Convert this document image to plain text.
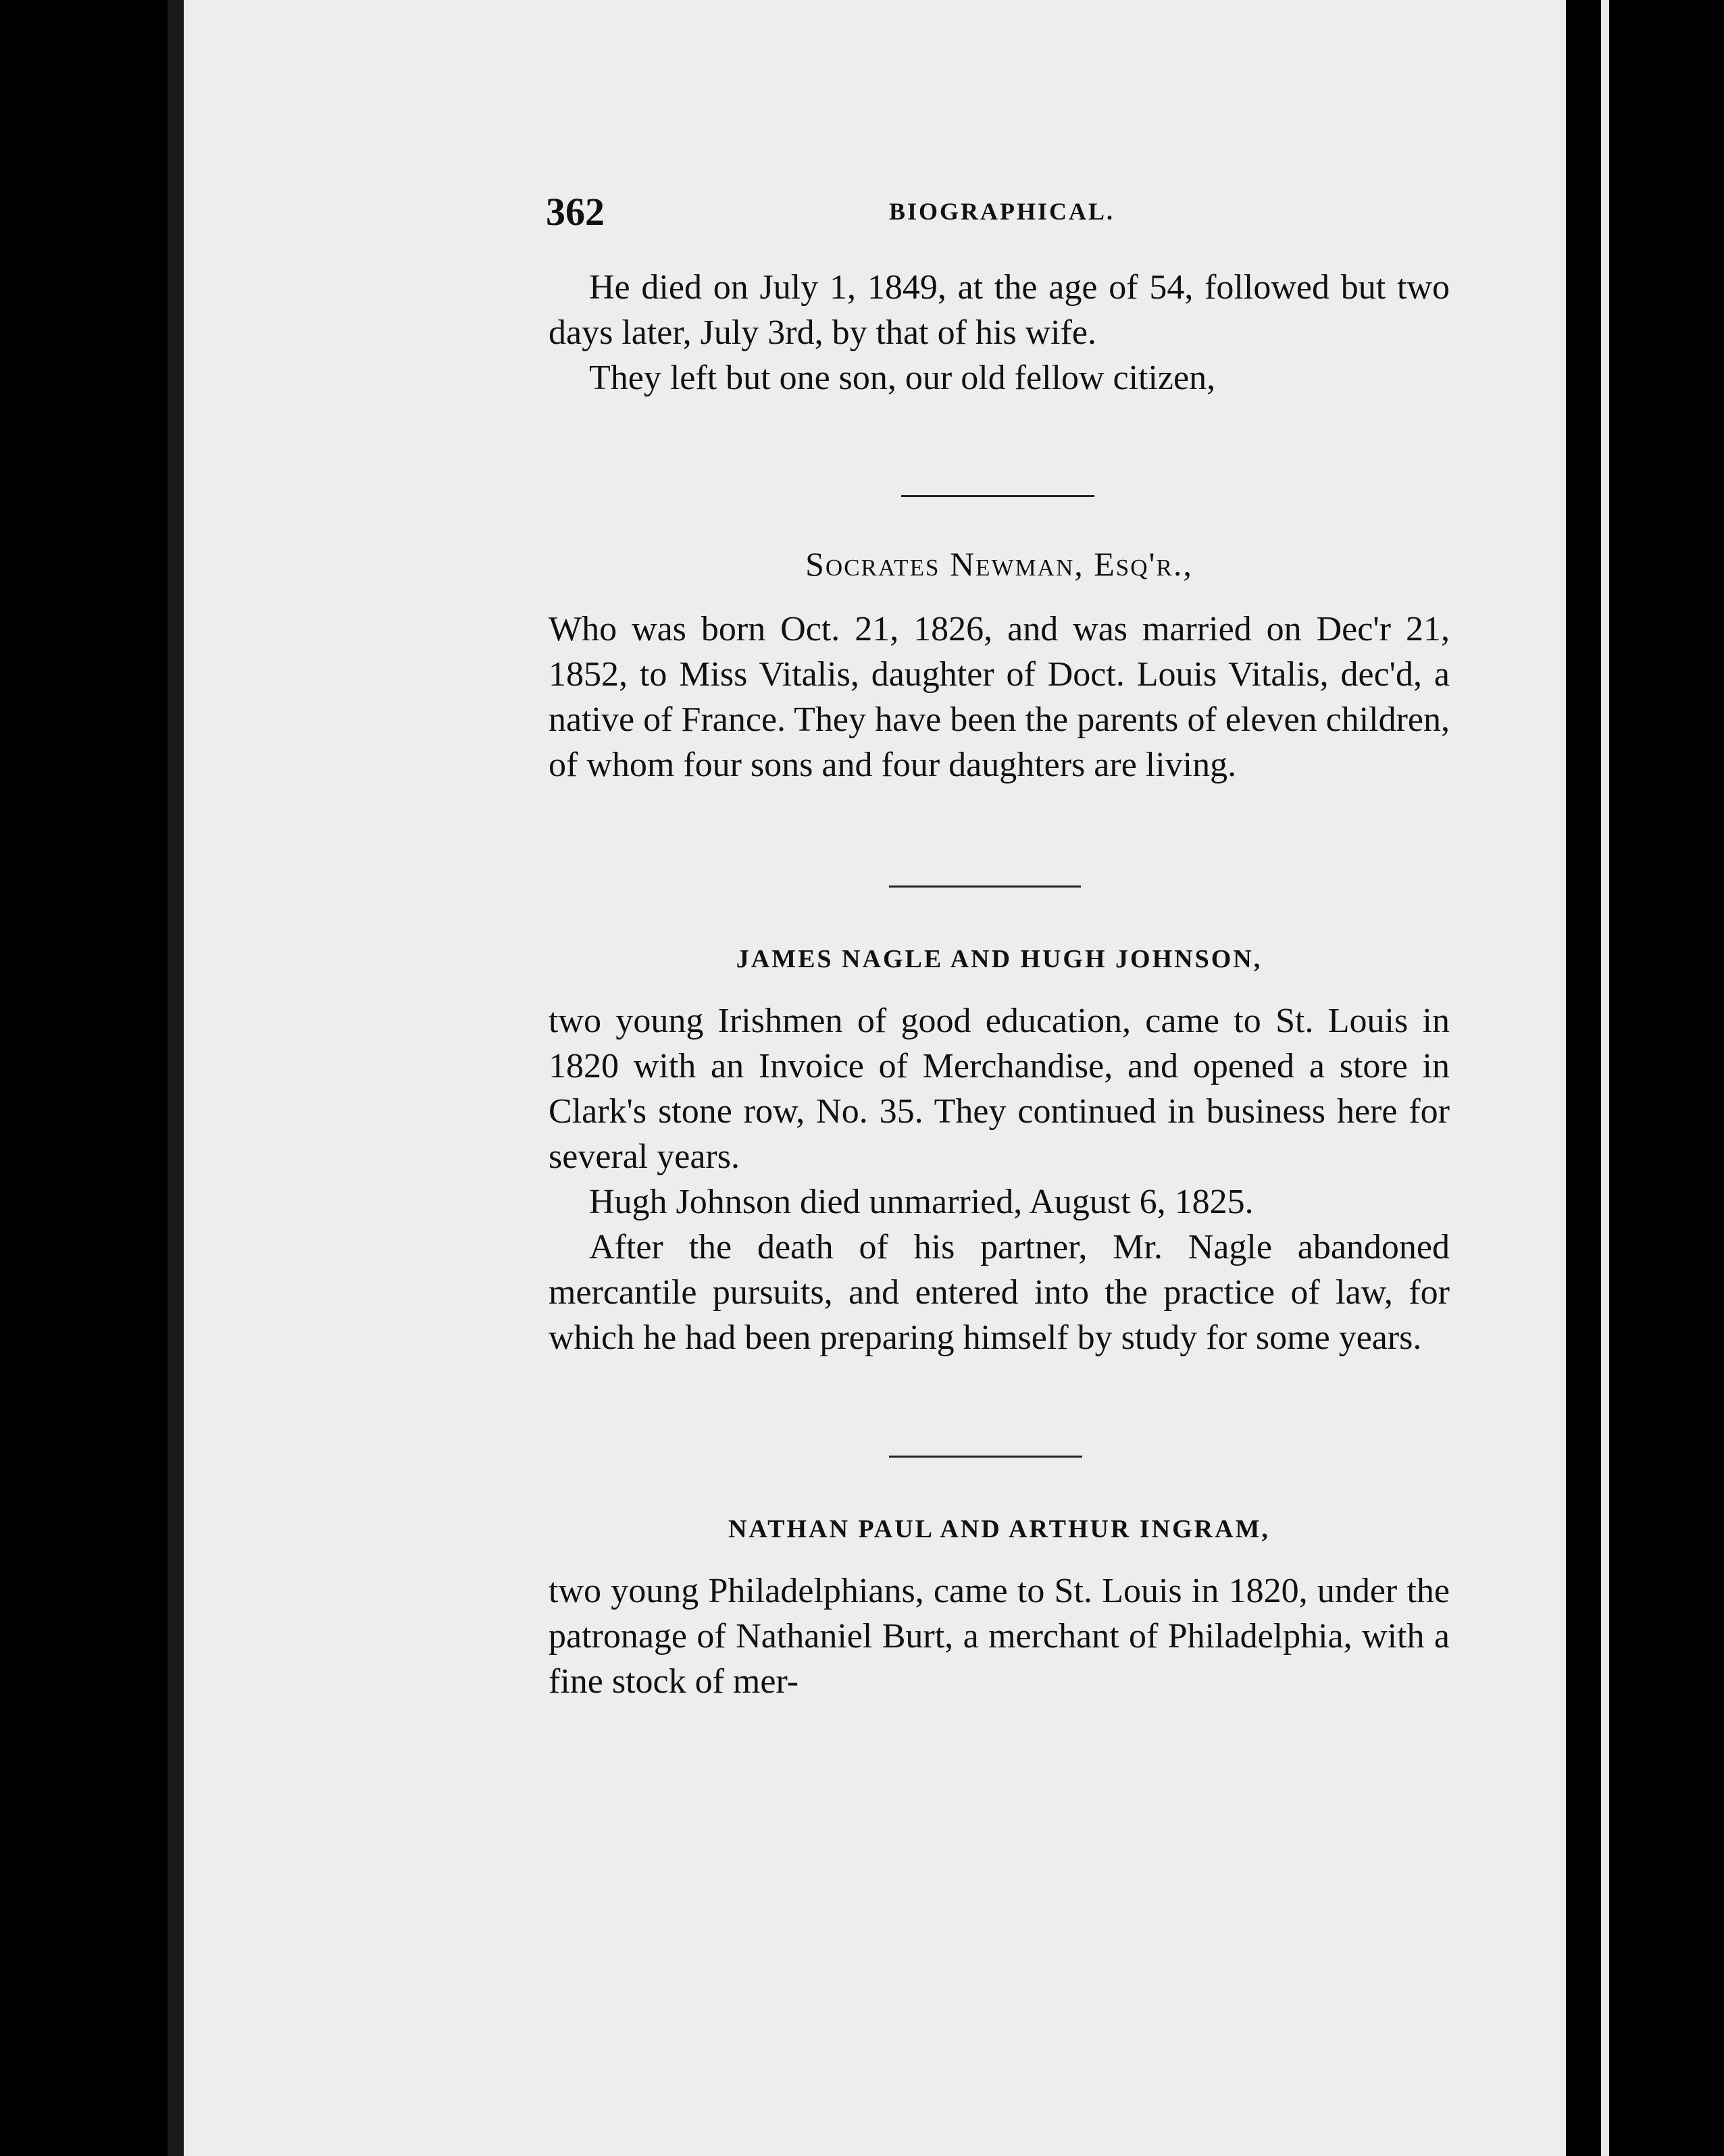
362	BIOGRAPHICAL.

He died on July 1, 1849, at the age of 54, followed but two days later, July 3rd, by that of his wife.

They left but one son, our old fellow citizen,

Socrates Newman, Esq'r.,

Who was born Oct. 21, 1826, and was married on Dec'r 21, 1852, to Miss Vitalis, daughter of Doct. Louis Vitalis, dec'd, a native of France. They have been the parents of eleven children, of whom four sons and four daughters are living.

JAMES NAGLE AND HUGH JOHNSON,

two young Irishmen of good education, came to St. Louis in 1820 with an Invoice of Merchandise, and opened a store in Clark's stone row, No. 35. They continued in business here for several years.

Hugh Johnson died unmarried, August 6, 1825.

After the death of his partner, Mr. Nagle abandoned mercantile pursuits, and entered into the practice of law, for which he had been preparing himself by study for some years.

NATHAN PAUL AND ARTHUR INGRAM,

two young Philadelphians, came to St. Louis in 1820, under the patronage of Nathaniel Burt, a merchant of Philadelphia, with a fine stock of mer-
